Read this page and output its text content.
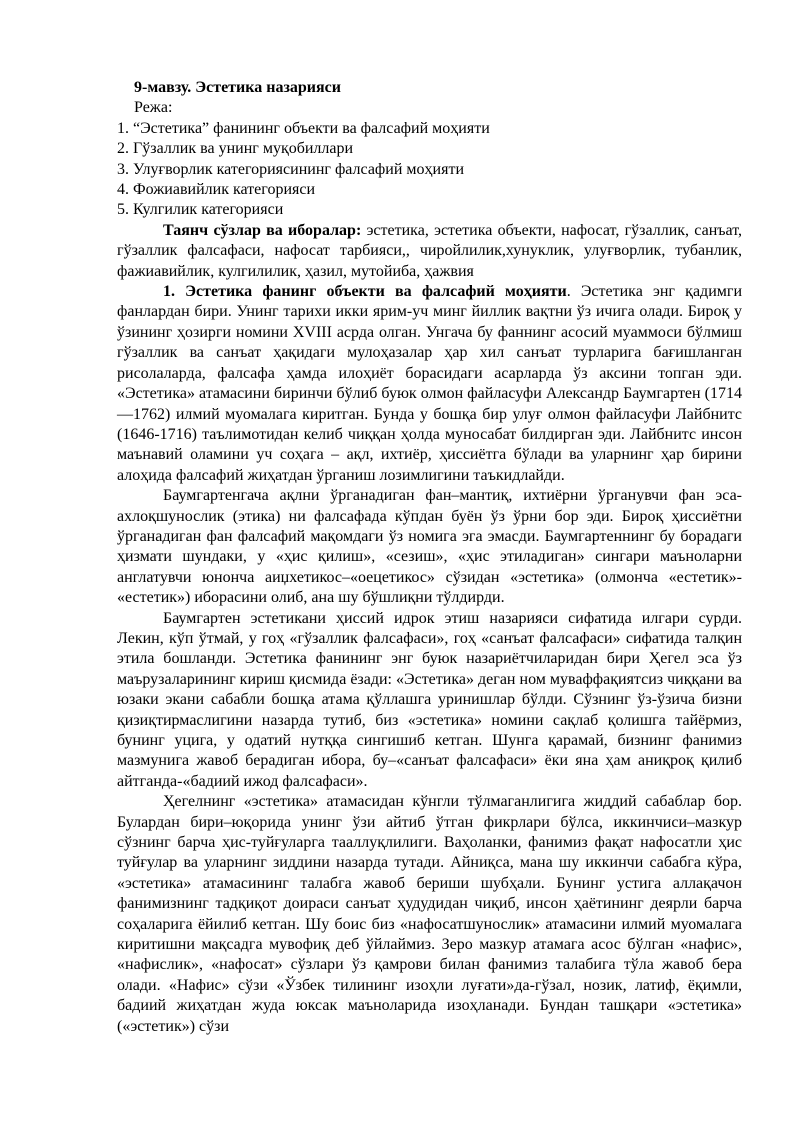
9-мавзу. Эстетика назарияси
Режа:
1. “Эстетика” фанининг объекти ва фалсафий моҳияти
2. Гўзаллик ва унинг муқобиллари
3. Улуғворлик категориясининг фалсафий моҳияти
4. Фожиавийлик категорияси
5. Кулгилик категорияси

Таянч сўзлар ва иборалар: эстетика, эстетика объекти, нафосат, гўзаллик, санъат, гўзаллик фалсафаси, нафосат тарбияси,, чиройлилик,хунуклик, улуғворлик, тубанлик, фажиавийлик, кулгилилик, ҳазил, мутойиба, ҳажвия

1. Эстетика фанинг объекти ва фалсафий моҳияти. Эстетика энг қадимги фанлардан бири. Унинг тарихи икки ярим-уч минг йиллик вақтни ўз ичига олади. Бироқ у ўзининг ҳозирги номини XVIII асрда олган. Унгача бу фаннинг асосий муаммоси бўлмиш гўзаллик ва санъат ҳақидаги мулоҳазалар ҳар хил санъат турларига бағишланган рисолаларда, фалсафа ҳамда илоҳиёт борасидаги асарларда ўз аксини топган эди. «Эстетика» атамасини биринчи бўлиб буюк олмон файласуфи Александр Баумгартен (1714—1762) илмий муомалага киритган. Бунда у бошқа бир улуғ олмон файласуфи Лайбнитс (1646-1716) таълимотидан келиб чиққан ҳолда муносабат билдирган эди. Лайбнитс инсон маънавий оламини уч соҳага – ақл, ихтиёр, ҳиссиётга бўлади ва уларнинг ҳар бирини алоҳида фалсафий жиҳатдан ўрганиш лозимлигини таъкидлайди.

Баумгартенгача ақлни ўрганадиган фан–мантиқ, ихтиёрни ўрганувчи фан эса-ахлоқшунослик (этика) ни фалсафада кўпдан буён ўз ўрни бор эди. Бироқ ҳиссиётни ўрганадиган фан фалсафий мақомдаги ўз номига эга эмасди. Баумгартеннинг бу борадаги ҳизмати шундаки, у «ҳис қилиш», «сезиш», «ҳис этиладиган» сингари маъноларни англатувчи юнонча аиџхетикос–«оецетикос» сўзидан «эстетика» (олмонча «естетик»- «естетик») иборасини олиб, ана шу бўшлиқни тўлдирди.

Баумгартен эстетикани ҳиссий идрок этиш назарияси сифатида илгари сурди. Лекин, кўп ўтмай, у гоҳ «гўзаллик фалсафаси», гоҳ «санъат фалсафаси» сифатида талқин этила бошланди. Эстетика фанининг энг буюк назариётчиларидан бири Ҳегел эса ўз маърузаларининг кириш қисмида ёзади: «Эстетика» деган ном муваффақиятсиз чиққани ва юзаки экани сабабли бошқа атама қўллашга уринишлар бўлди. Сўзнинг ўз-ўзича бизни қизиқтирмаслигини назарда тутиб, биз «эстетика» номини сақлаб қолишга тайёрмиз, бунинг уцига, у одатий нутққа сингишиб кетган. Шунга қарамай, бизнинг фанимиз мазмунига жавоб берадиган ибора, бу–«санъат фалсафаси» ёки яна ҳам аниқроқ қилиб айтганда-«бадиий ижод фалсафаси».

Ҳегелнинг «эстетика» атамасидан кўнгли тўлмаганлигига жиддий сабаблар бор. Булардан бири–юқорида унинг ўзи айтиб ўтган фикрлари бўлса, иккинчиси–мазкур сўзнинг барча ҳис-туйғуларга тааллуқлилиги. Ваҳоланки, фанимиз фақат нафосатли ҳис туйғулар ва уларнинг зиддини назарда тутади. Айниқса, мана шу иккинчи сабабга кўра, «эстетика» атамасининг талабга жавоб бериши шубҳали. Бунинг устига аллақачон фанимизнинг тадқиқот доираси санъат ҳудудидан чиқиб, инсон ҳаётининг деярли барча соҳаларига ёйилиб кетган. Шу боис биз «нафосатшунослик» атамасини илмий муомалага киритишни мақсадга мувофиқ деб ўйлаймиз. Зеро мазкур атамага асос бўлган «нафис», «нафислик», «нафосат» сўзлари ўз қамрови билан фанимиз талабига тўла жавоб бера олади. «Нафис» сўзи «Ўзбек тилининг изоҳли луғати»да-гўзал, нозик, латиф, ёқимли, бадиий жиҳатдан жуда юксак маъноларида изоҳланади. Бундан ташқари «эстетика» («эстетик») сўзи
